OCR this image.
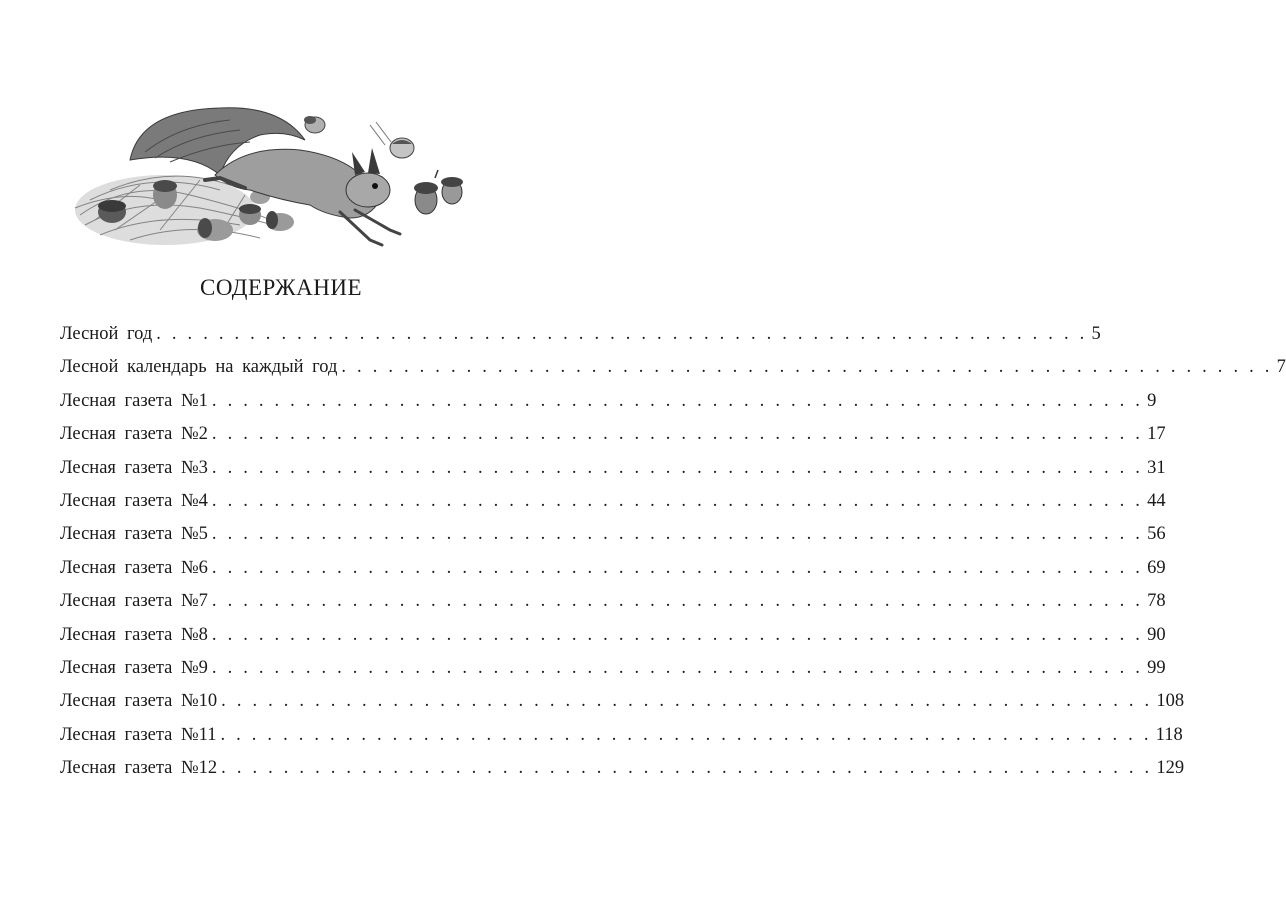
СОДЕРЖАНИЕ
Лесной год . . . . . . . . . . . . . . . . . . . . . . . . . . . . . . . . . . . . . . . . . . . . . . . . . . . . . . . . . . . . 5
Лесной календарь на каждый год . . . . . . . . . . . . . . . . . . . . . . . . . . . . . . . . . . . . . . . . . . . . . . . . . . . . . . . . . . . . 7
Лесная газета №1 . . . . . . . . . . . . . . . . . . . . . . . . . . . . . . . . . . . . . . . . . . . . . . . . . . . . . . . . . . . . 9
Лесная газета №2 . . . . . . . . . . . . . . . . . . . . . . . . . . . . . . . . . . . . . . . . . . . . . . . . . . . . . . . . . . . . 17
Лесная газета №3 . . . . . . . . . . . . . . . . . . . . . . . . . . . . . . . . . . . . . . . . . . . . . . . . . . . . . . . . . . . . 31
Лесная газета №4 . . . . . . . . . . . . . . . . . . . . . . . . . . . . . . . . . . . . . . . . . . . . . . . . . . . . . . . . . . . . 44
Лесная газета №5 . . . . . . . . . . . . . . . . . . . . . . . . . . . . . . . . . . . . . . . . . . . . . . . . . . . . . . . . . . . . 56
Лесная газета №6 . . . . . . . . . . . . . . . . . . . . . . . . . . . . . . . . . . . . . . . . . . . . . . . . . . . . . . . . . . . . 69
Лесная газета №7 . . . . . . . . . . . . . . . . . . . . . . . . . . . . . . . . . . . . . . . . . . . . . . . . . . . . . . . . . . . . 78
Лесная газета №8 . . . . . . . . . . . . . . . . . . . . . . . . . . . . . . . . . . . . . . . . . . . . . . . . . . . . . . . . . . . . 90
Лесная газета №9 . . . . . . . . . . . . . . . . . . . . . . . . . . . . . . . . . . . . . . . . . . . . . . . . . . . . . . . . . . . . 99
Лесная газета №10 . . . . . . . . . . . . . . . . . . . . . . . . . . . . . . . . . . . . . . . . . . . . . . . . . . . . . . . . . . . . 108
Лесная газета №11 . . . . . . . . . . . . . . . . . . . . . . . . . . . . . . . . . . . . . . . . . . . . . . . . . . . . . . . . . . . . 118
Лесная газета №12 . . . . . . . . . . . . . . . . . . . . . . . . . . . . . . . . . . . . . . . . . . . . . . . . . . . . . . . . . . . . 129
